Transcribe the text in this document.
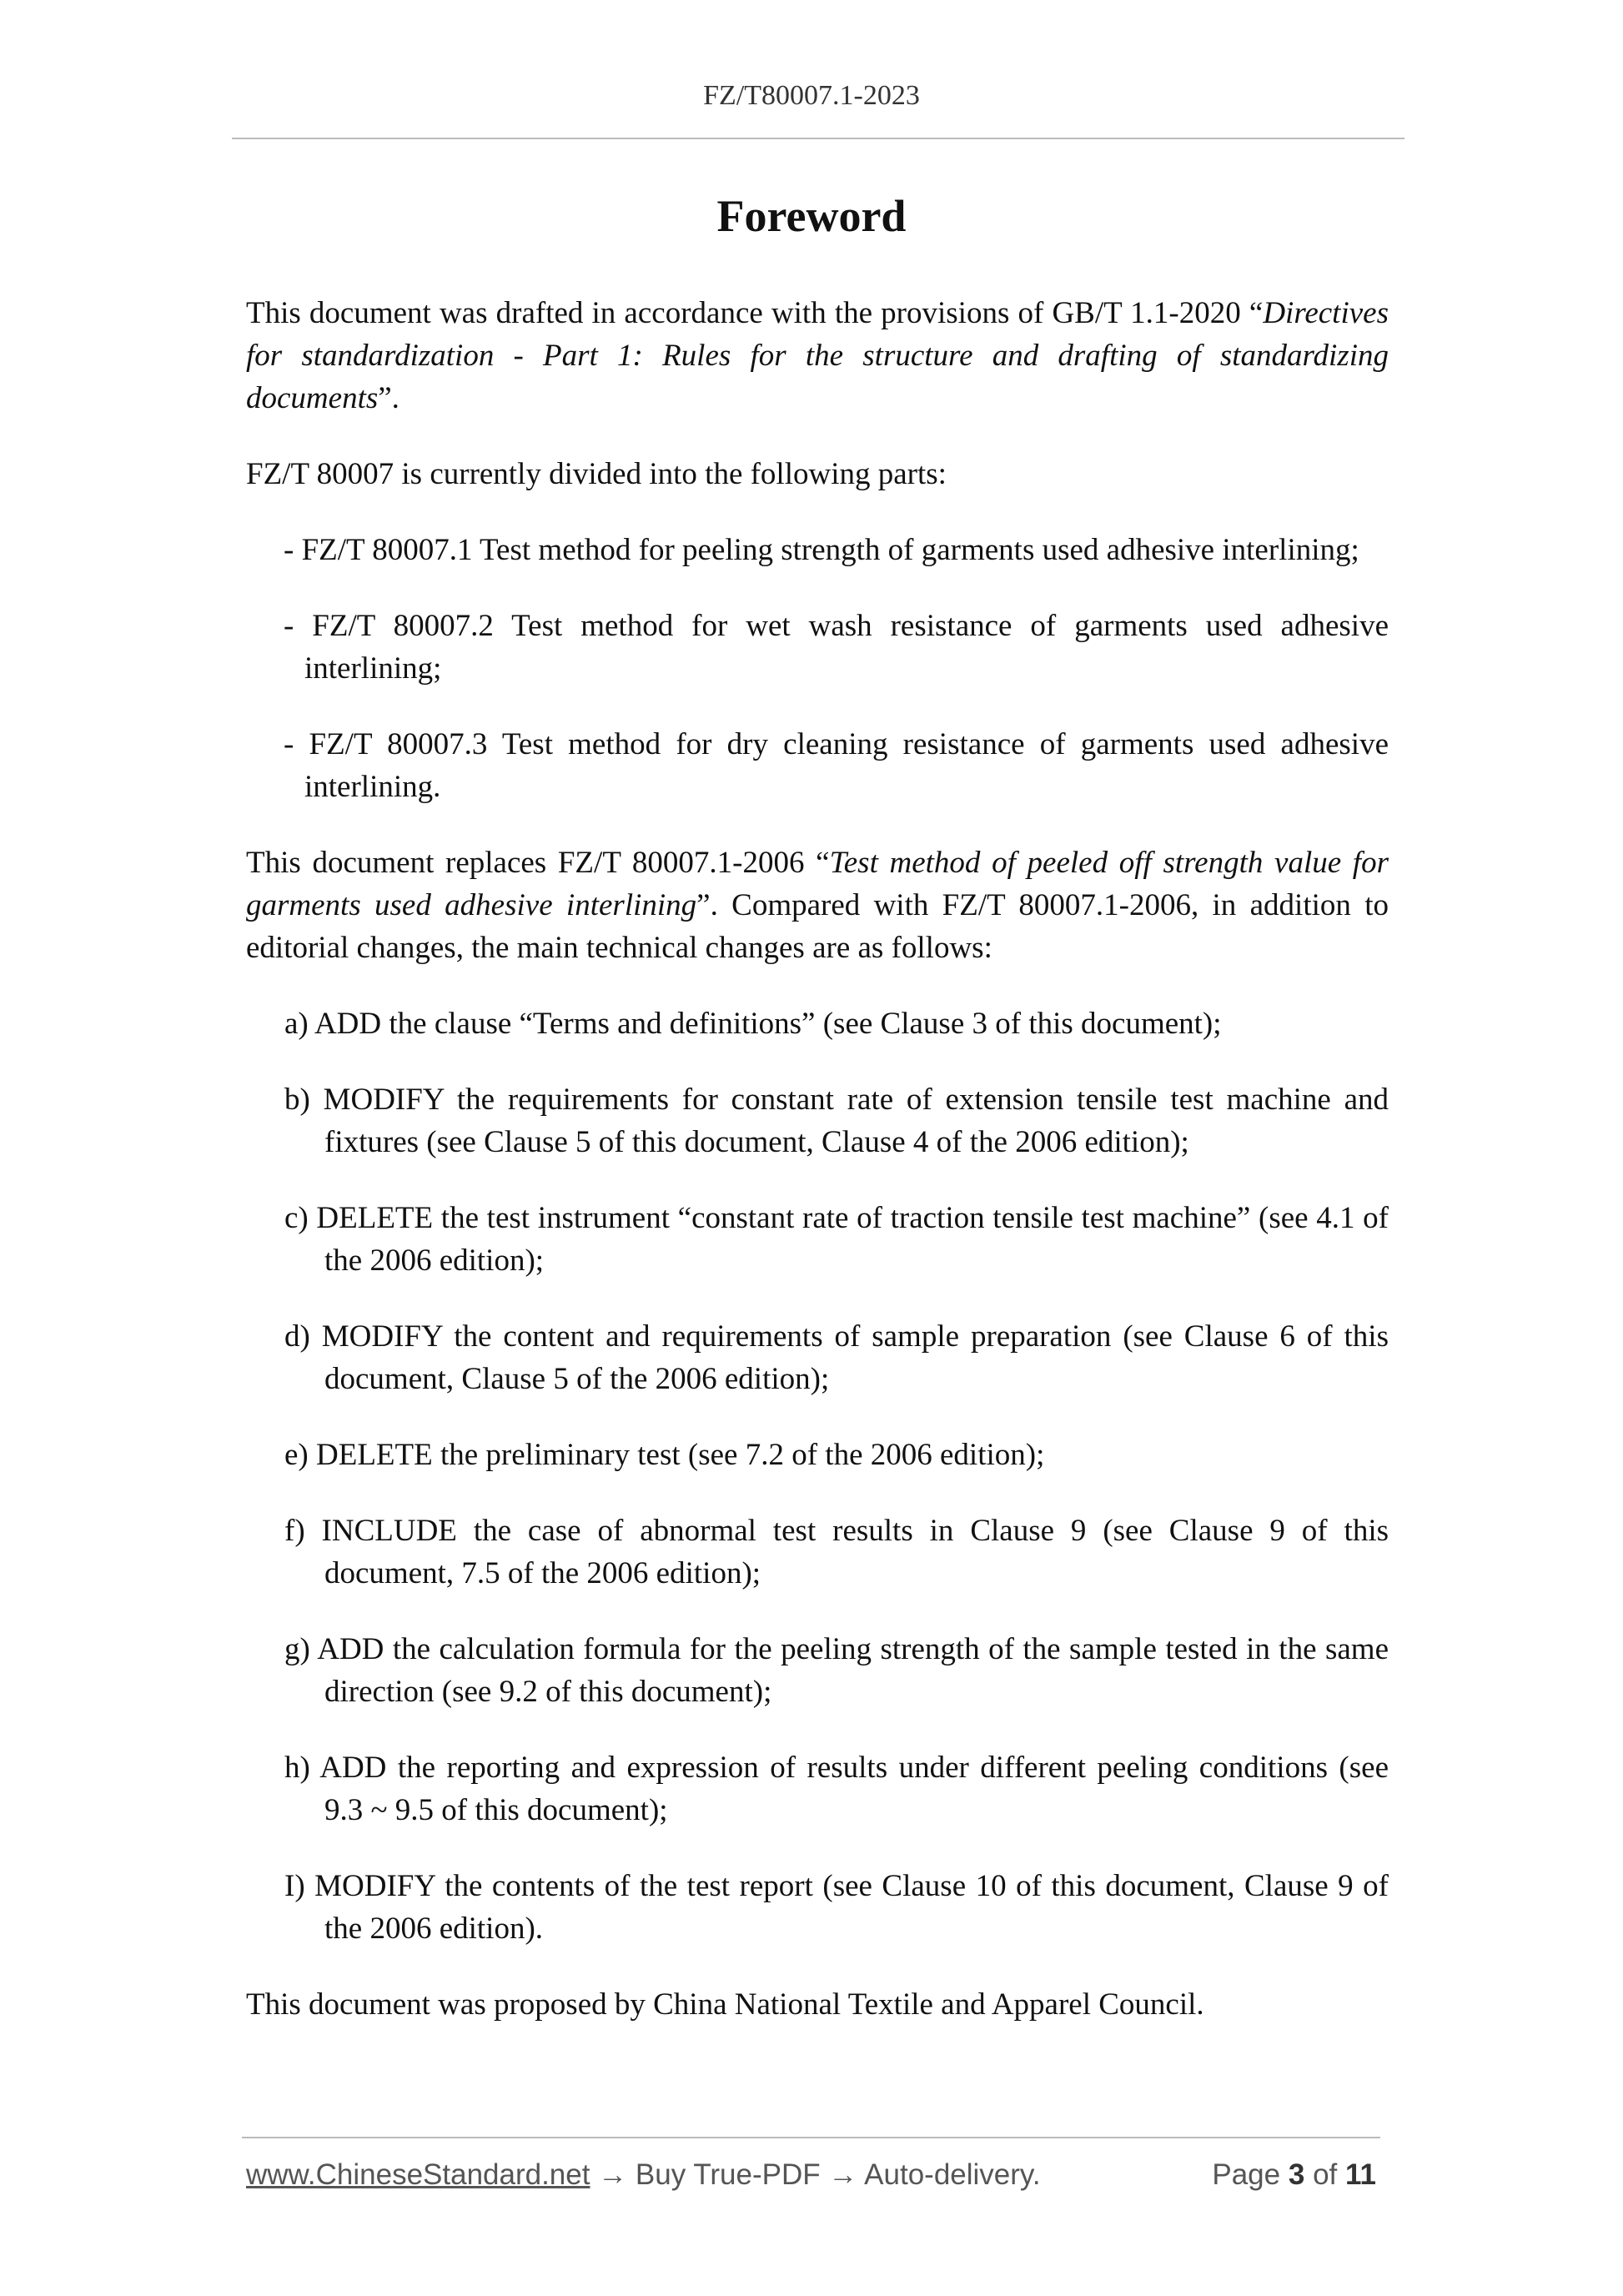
FZ/T80007.1-2023
Foreword

This document was drafted in accordance with the provisions of GB/T 1.1-2020 “Directives for standardization - Part 1: Rules for the structure and drafting of standardizing documents”.

FZ/T 80007 is currently divided into the following parts:

- FZ/T 80007.1 Test method for peeling strength of garments used adhesive interlining;

- FZ/T 80007.2 Test method for wet wash resistance of garments used adhesive interlining;

- FZ/T 80007.3 Test method for dry cleaning resistance of garments used adhesive interlining.

This document replaces FZ/T 80007.1-2006 “Test method of peeled off strength value for garments used adhesive interlining”. Compared with FZ/T 80007.1-2006, in addition to editorial changes, the main technical changes are as follows:

a) ADD the clause “Terms and definitions” (see Clause 3 of this document);

b) MODIFY the requirements for constant rate of extension tensile test machine and fixtures (see Clause 5 of this document, Clause 4 of the 2006 edition);

c) DELETE the test instrument “constant rate of traction tensile test machine” (see 4.1 of the 2006 edition);

d) MODIFY the content and requirements of sample preparation (see Clause 6 of this document, Clause 5 of the 2006 edition);

e) DELETE the preliminary test (see 7.2 of the 2006 edition);

f) INCLUDE the case of abnormal test results in Clause 9 (see Clause 9 of this document, 7.5 of the 2006 edition);

g) ADD the calculation formula for the peeling strength of the sample tested in the same direction (see 9.2 of this document);

h) ADD the reporting and expression of results under different peeling conditions (see 9.3 ~ 9.5 of this document);

I) MODIFY the contents of the test report (see Clause 10 of this document, Clause 9 of the 2006 edition).

This document was proposed by China National Textile and Apparel Council.

www.ChineseStandard.net → Buy True-PDF → Auto-delivery.	Page 3 of 11
